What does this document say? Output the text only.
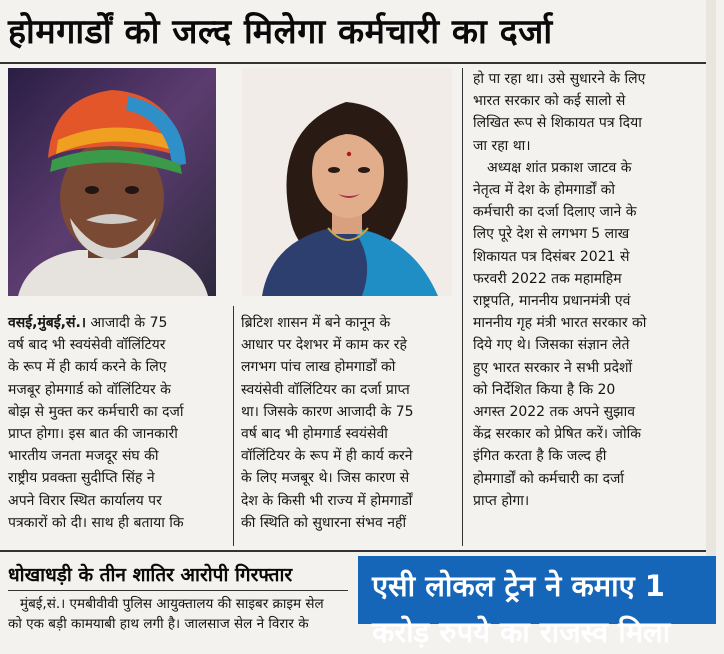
होमगार्डों को जल्द मिलेगा कर्मचारी का दर्जा

वसई,मुंबई,सं.। आजादी के 75

वर्ष बाद भी स्वयंसेवी वॉलिंटियर

के रूप में ही कार्य करने के लिए

मजबूर होमगार्ड को वॉलिंटियर के

बोझ से मुक्त कर कर्मचारी का दर्जा

प्राप्त होगा। इस बात की जानकारी

भारतीय जनता मजदूर संघ की

राष्ट्रीय प्रवक्ता सुदीप्ति सिंह ने

अपने विरार स्थित कार्यालय पर

पत्रकारों को दी। साथ ही बताया कि

ब्रिटिश शासन में बने कानून के

आधार पर देशभर में काम कर रहे

लगभग पांच लाख होमगार्डों को

स्वयंसेवी वॉलिंटियर का दर्जा प्राप्त

था। जिसके कारण आजादी के 75

वर्ष बाद भी होमगार्ड स्वयंसेवी

वॉलिंटियर के रूप में ही कार्य करने

के लिए मजबूर थे। जिस कारण से

देश के किसी भी राज्य में होमगार्डों

की स्थिति को सुधारना संभव नहीं

हो पा रहा था। उसे सुधारने के लिए

भारत सरकार को कई सालो से

लिखित रूप से शिकायत पत्र दिया

जा रहा था।

अध्यक्ष शांत प्रकाश जाटव के

नेतृत्व में देश के होमगार्डों को

कर्मचारी का दर्जा दिलाए जाने के

लिए पूरे देश से लगभग 5 लाख

शिकायत पत्र दिसंबर 2021 से

फरवरी 2022 तक महामहिम

राष्ट्रपति, माननीय प्रधानमंत्री एवं

माननीय गृह मंत्री भारत सरकार को

दिये गए थे। जिसका संज्ञान लेते

हुए भारत सरकार ने सभी प्रदेशों

को निर्देशित किया है कि 20

अगस्त 2022 तक अपने सुझाव

केंद्र सरकार को प्रेषित करें। जोकि

इंगित करता है कि जल्द ही

होमगार्डों को कर्मचारी का दर्जा

प्राप्त होगा।

धोखाधड़ी के तीन शातिर आरोपी गिरफ्तार
मुंबई,सं.। एमबीवीवी पुलिस आयुक्तालय की साइबर क्राइम सेल
को एक बड़ी कामयाबी हाथ लगी है। जालसाज सेल ने विरार के
एसी लोकल ट्रेन ने कमाए 1
करोड़ रुपये का राजस्व मिला
